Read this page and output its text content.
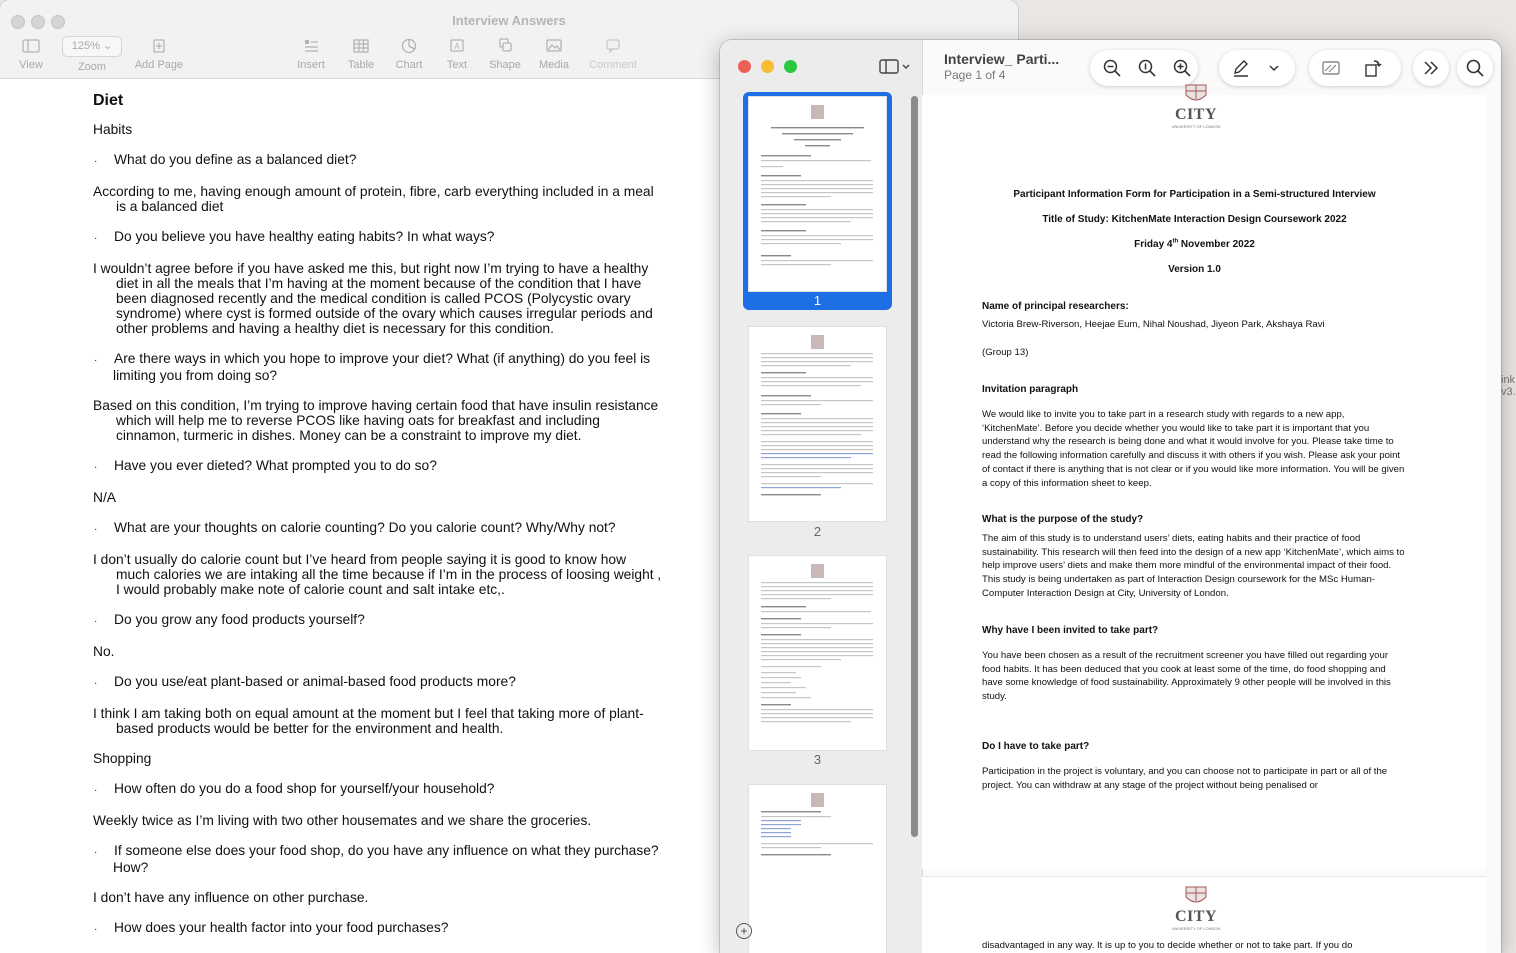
Interview Answers
View
125% ⌄
Zoom	Add Page	Insert	Table	Chart
A
Text	Shape	Media	Comment

Diet

Habits

· What do you define as a balanced diet?

According to me, having enough amount of protein, fibre, carb everything included in a meal is a balanced diet

· Do you believe you have healthy eating habits? In what ways?

I wouldn’t agree before if you have asked me this, but right now I’m trying to have a healthy diet in all the meals that I’m having at the moment because of the condition that I have been diagnosed recently and the medical condition is called PCOS (Polycystic ovary syndrome) where cyst is formed outside of the ovary which causes irregular periods and other problems and having a healthy diet is necessary for this condition.

· Are there ways in which you hope to improve your diet? What (if anything) do you feel is limiting you from doing so?

Based on this condition, I’m trying to improve having certain food that have insulin resistance which will help me to reverse PCOS like having oats for breakfast and including cinnamon, turmeric in dishes. Money can be a constraint to improve my diet.

· Have you ever dieted? What prompted you to do so?

N/A

· What are your thoughts on calorie counting? Do you calorie count? Why/Why not?

I don’t usually do calorie count but I’ve heard from people saying it is good to know how much calories we are intaking all the time because if I’m in the process of loosing weight , I would probably make note of calorie count and salt intake etc,.

· Do you grow any food products yourself?

No.

· Do you use/eat plant-based or animal-based food products more?

I think I am taking both on equal amount at the moment but I feel that taking more of plant-based products would be better for the environment and health.

Shopping

· How often do you do a food shop for yourself/your household?

Weekly twice as I’m living with two other housemates and we share the groceries.

· If someone else does your food shop, do you have any influence on what they purchase? How?

I don’t have any influence on other purchase.

· How does your health factor into your food purchases?

ink
v3.
1
2
3
+
Interview_ Parti...
Page 1 of 4
CITY
UNIVERSITY OF LONDON
Participant Information Form for Participation in a Semi-structured Interview
Title of Study: KitchenMate Interaction Design Coursework 2022
Friday 4th November 2022
Version 1.0
Name of principal researchers:
Victoria Brew-Riverson, Heejae Eum, Nihal Noushad, Jiyeon Park, Akshaya Ravi
(Group 13)
Invitation paragraph
We would like to invite you to take part in a research study with regards to a new app, ‘KitchenMate’. Before you decide whether you would like to take part it is important that you understand why the research is being done and what it would involve for you. Please take time to read the following information carefully and discuss it with others if you wish. Please ask your point of contact if there is anything that is not clear or if you would like more information. You will be given a copy of this information sheet to keep.
What is the purpose of the study?
The aim of this study is to understand users’ diets, eating habits and their practice of food sustainability. This research will then feed into the design of a new app ‘KitchenMate’, which aims to help improve users’ diets and make them more mindful of the environmental impact of their food. This study is being undertaken as part of Interaction Design coursework for the MSc Human-Computer Interaction Design at City, University of London.
Why have I been invited to take part?
You have been chosen as a result of the recruitment screener you have filled out regarding your food habits. It has been deduced that you cook at least some of the time, do food shopping and have some knowledge of food sustainability. Approximately 9 other people will be involved in this study.
Do I have to take part?
Participation in the project is voluntary, and you can choose not to participate in part or all of the project. You can withdraw at any stage of the project without being penalised or
CITY
UNIVERSITY OF LONDON
disadvantaged in any way. It is up to you to decide whether or not to take part. If you do
